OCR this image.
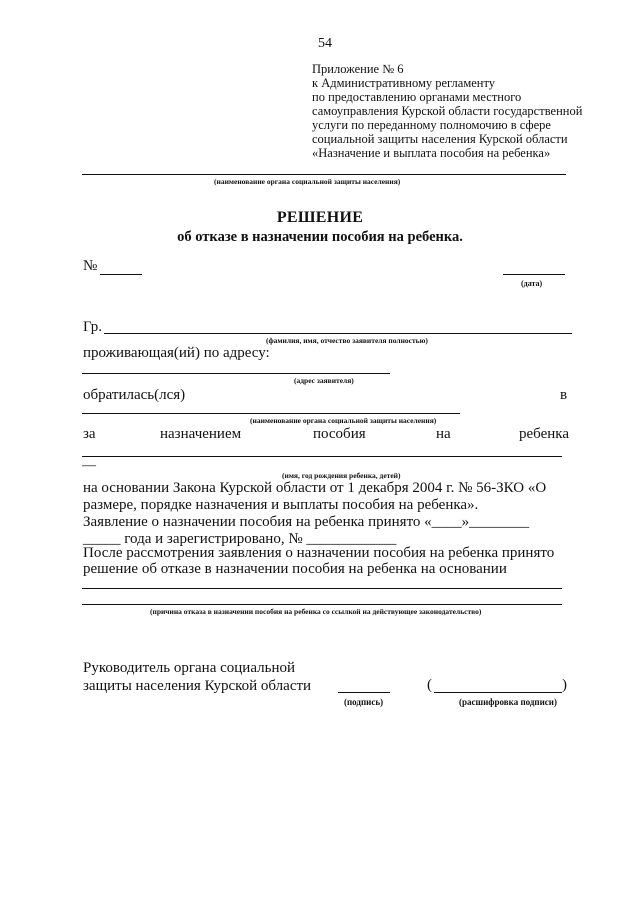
54
Приложение № 6
к Административному регламенту
по предоставлению органами местного
самоуправления Курской области государственной
услуги по переданному полномочию в сфере
социальной защиты населения Курской области
«Назначение и выплата пособия на ребенка»
(наименование органа социальной защиты населения)
РЕШЕНИЕ
об отказе в назначении пособия на ребенка.
№
(дата)
Гр.
(фамилия, имя, отчество заявителя полностью)
проживающая(ий) по адресу:
(адрес заявителя)
обратилась(лся)	в
(наименование органа социальной защиты населения)
за	назначением	пособия	на	ребенка
—
(имя, год рождения ребенка, детей)
на основании Закона Курской области от 1 декабря 2004 г. № 56-ЗКО «О
размере, порядке назначения и выплаты пособия на ребенка».
Заявление о назначении пособия на ребенка принято «____»________
_____ года и зарегистрировано, № ____________
После рассмотрения заявления о назначении пособия на ребенка принято
решение об отказе в назначении пособия на ребенка на основании
(причина отказа в назначении пособия на ребенка со ссылкой на действующее законодательство)
Руководитель органа социальной
защиты населения Курской области
(подпись)
(	)
(расшифровка подписи)
